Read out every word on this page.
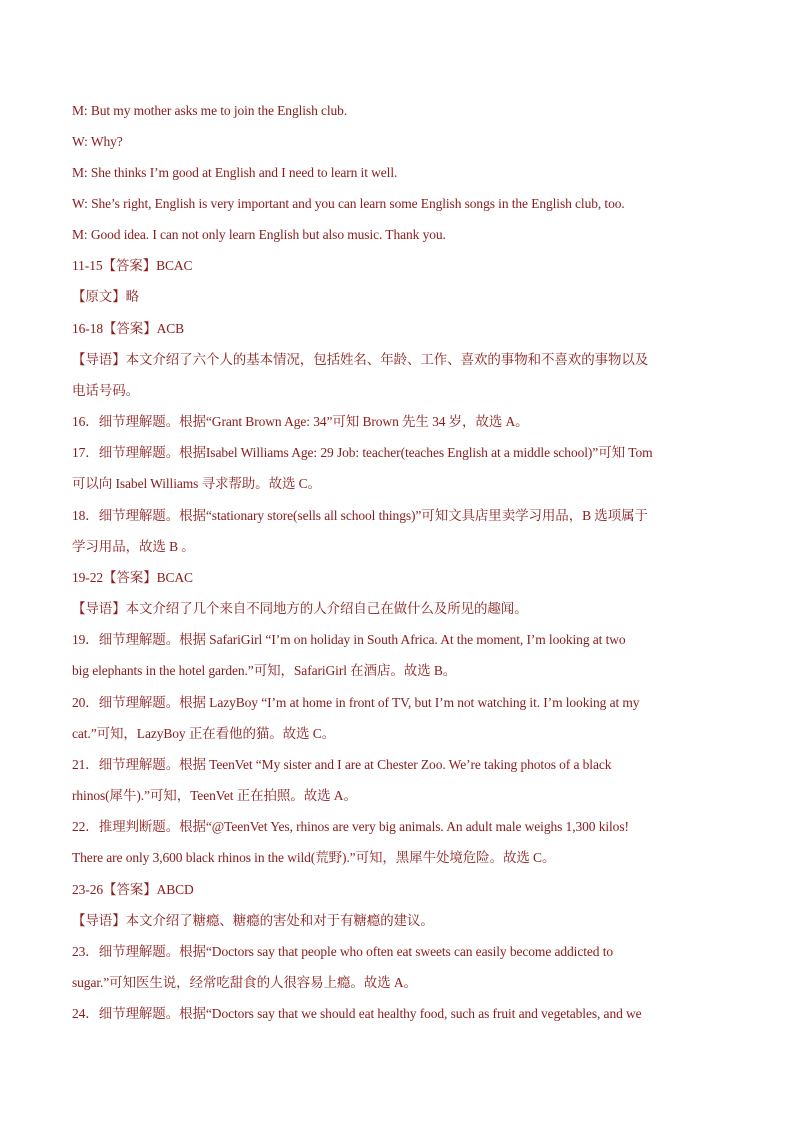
M: But my mother asks me to join the English club.
W: Why?
M: She thinks I’m good at English and I need to learn it well.
W: She’s right, English is very important and you can learn some English songs in the English club, too.
M: Good idea. I can not only learn English but also music. Thank you.
11-15【答案】BCAC
【原文】略
16-18【答案】ACB
【导语】本文介绍了六个人的基本情况，包括姓名、年龄、工作、喜欢的事物和不喜欢的事物以及
电话号码。
16．细节理解题。根据“Grant Brown Age: 34”可知 Brown 先生 34 岁，故选 A。
17．细节理解题。根据Isabel Williams Age: 29 Job: teacher(teaches English at a middle school)”可知 Tom
可以向 Isabel Williams 寻求帮助。故选 C。
18．细节理解题。根据“stationary store(sells all school things)”可知文具店里卖学习用品，B 选项属于
学习用品，故选 B 。
19-22【答案】BCAC
【导语】本文介绍了几个来自不同地方的人介绍自己在做什么及所见的趣闻。
19．细节理解题。根据 SafariGirl “I’m on holiday in South Africa. At the moment, I’m looking at two
big elephants in the hotel garden.”可知，SafariGirl 在酒店。故选 B。
20．细节理解题。根据 LazyBoy “I’m at home in front of TV, but I’m not watching it. I’m looking at my
cat.”可知，LazyBoy 正在看他的猫。故选 C。
21．细节理解题。根据 TeenVet “My sister and I are at Chester Zoo. We’re taking photos of a black
rhinos(犀牛).”可知，TeenVet 正在拍照。故选 A。
22．推理判断题。根据“@TeenVet Yes, rhinos are very big animals. An adult male weighs 1,300 kilos!
There are only 3,600 black rhinos in the wild(荒野).”可知，黑犀牛处境危险。故选 C。
23-26【答案】ABCD
【导语】本文介绍了糖瘾、糖瘾的害处和对于有糖瘾的建议。
23．细节理解题。根据“Doctors say that people who often eat sweets can easily become addicted to
sugar.”可知医生说，经常吃甜食的人很容易上瘾。故选 A。
24．细节理解题。根据“Doctors say that we should eat healthy food, such as fruit and vegetables, and we
